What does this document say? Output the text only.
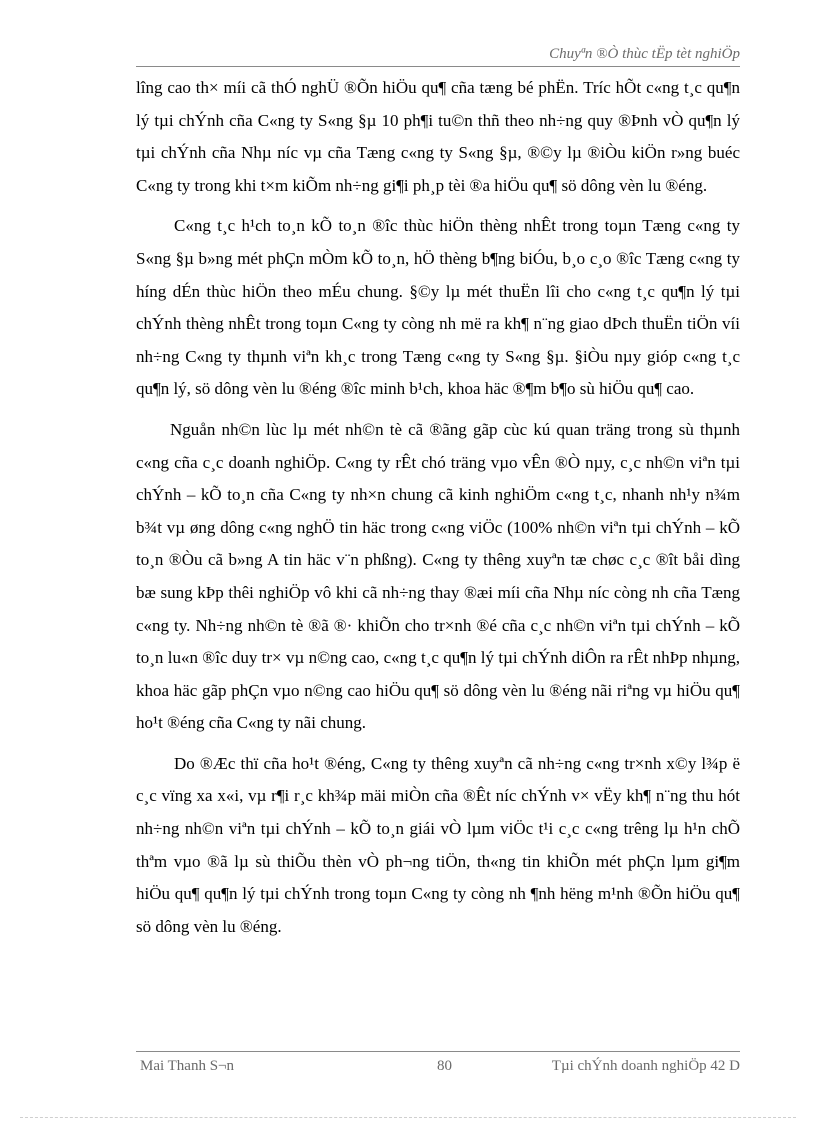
Chuyªn ®Ò thùc tËp tèt nghiÖp

lîng cao th× míi cã thÓ nghÜ ®Õn hiÖu qu¶ cña tæng bé phËn. Tríc hÕt c«ng t¸c qu¶n lý tµi chÝnh cña C«ng ty S«ng §µ 10 ph¶i tu©n thñ theo nh÷ng quy ®Þnh vÒ qu¶n lý tµi chÝnh cña Nhµ níc vµ cña Tæng c«ng ty S«ng §µ, ®©y lµ ®iÒu kiÖn r»ng buéc C«ng ty trong khi t×m kiÕm nh÷ng gi¶i ph¸p tèi ®a hiÖu qu¶ sö dông vèn lu ®éng.

C«ng t¸c h¹ch to¸n kÕ to¸n ®îc thùc hiÖn thèng nhÊt trong toµn Tæng c«ng ty S«ng §µ b»ng mét phÇn mÒm kÕ to¸n, hÖ thèng b¶ng biÓu, b¸o c¸o ®îc Tæng c«ng ty híng dÉn thùc hiÖn theo mÉu chung. §©y lµ mét thuËn lîi cho c«ng t¸c qu¶n lý tµi chÝnh thèng nhÊt trong toµn C«ng ty còng nh më ra kh¶ n¨ng giao dÞch thuËn tiÖn víi nh÷ng C«ng ty thµnh viªn kh¸c trong Tæng c«ng ty S«ng §µ. §iÒu nµy gióp c«ng t¸c qu¶n lý, sö dông vèn lu ®éng ®îc minh b¹ch, khoa häc ®¶m b¶o sù hiÖu qu¶ cao.

Nguån nh©n lùc lµ mét nh©n tè cã ®ãng gãp cùc kú quan träng trong sù thµnh c«ng cña c¸c doanh nghiÖp. C«ng ty rÊt chó träng vµo vÊn ®Ò nµy, c¸c nh©n viªn tµi chÝnh – kÕ to¸n cña C«ng ty nh×n chung cã kinh nghiÖm c«ng t¸c, nhanh nh¹y n¾m b¾t vµ øng dông c«ng nghÖ tin häc trong c«ng viÖc (100% nh©n viªn tµi chÝnh – kÕ to¸n ®Òu cã b»ng A tin häc v¨n phßng). C«ng ty thêng xuyªn tæ chøc c¸c ®ît båi dìng bæ sung kÞp thêi nghiÖp vô khi cã nh÷ng thay ®æi míi cña Nhµ níc còng nh cña Tæng c«ng ty. Nh÷ng nh©n tè ®ã ®· khiÕn cho tr×nh ®é cña c¸c nh©n viªn tµi chÝnh – kÕ to¸n lu«n ®îc duy tr× vµ n©ng cao, c«ng t¸c qu¶n lý tµi chÝnh diÔn ra rÊt nhÞp nhµng, khoa häc gãp phÇn vµo n©ng cao hiÖu qu¶ sö dông vèn lu ®éng nãi riªng vµ hiÖu qu¶ ho¹t ®éng cña C«ng ty nãi chung.

Do ®Æc thï cña ho¹t ®éng, C«ng ty thêng xuyªn cã nh÷ng c«ng tr×nh x©y l¾p ë c¸c vïng xa x«i, vµ r¶i r¸c kh¾p mäi miÒn cña ®Êt níc chÝnh v× vËy kh¶ n¨ng thu hót nh÷ng nh©n viªn tµi chÝnh – kÕ to¸n giái vÒ lµm viÖc t¹i c¸c c«ng trêng lµ h¹n chÕ thªm vµo ®ã lµ sù thiÕu thèn vÒ ph¬ng tiÖn, th«ng tin khiÕn mét phÇn lµm gi¶m hiÖu qu¶ qu¶n lý tµi chÝnh trong toµn C«ng ty còng nh ¶nh hëng m¹nh ®Õn hiÖu qu¶ sö dông vèn lu ®éng.

Mai Thanh S¬n	80	Tµi chÝnh doanh nghiÖp 42 D
